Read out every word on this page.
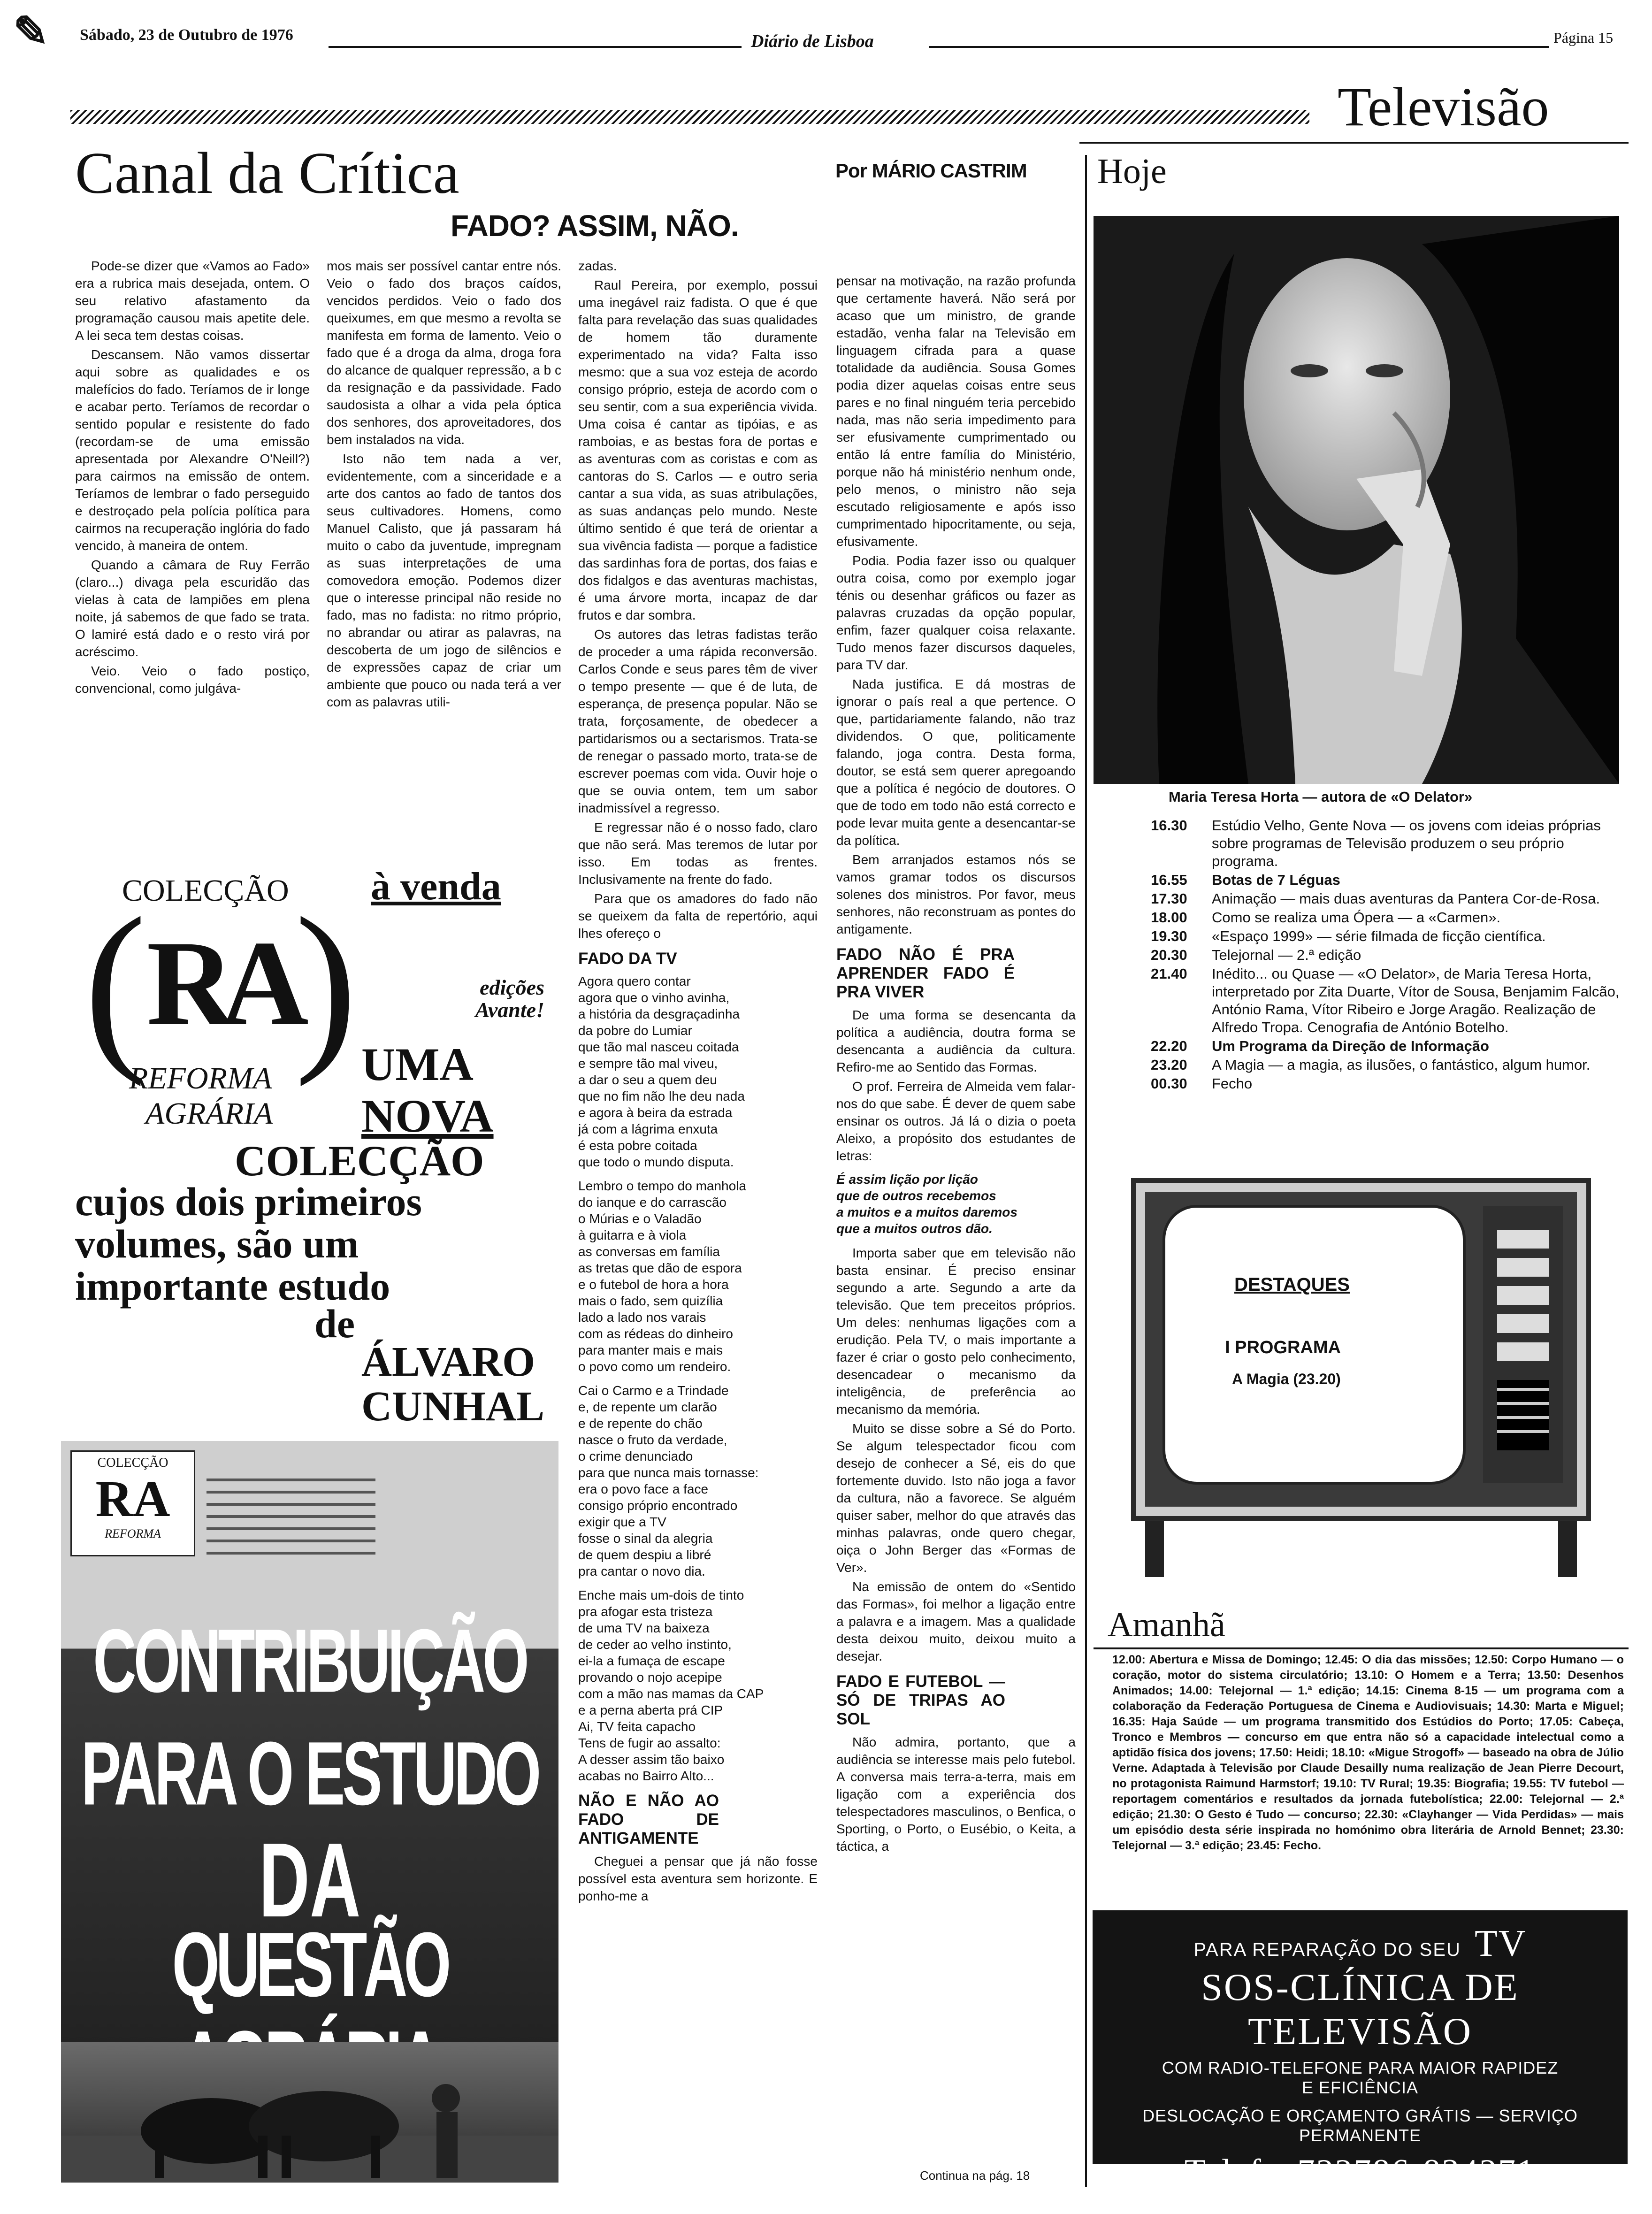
Sábado, 23 de Outubro de 1976	Diário de Lisboa	Página 15
✎
Televisão
Canal da Crítica	Por MÁRIO CASTRIM
FADO? ASSIM, NÃO.

Pode-se dizer que «Vamos ao Fado» era a rubrica mais desejada, ontem. O seu relativo afastamento da programação causou mais apetite dele. A lei seca tem destas coisas.

Descansem. Não vamos dissertar aqui sobre as qualidades e os malefícios do fado. Teríamos de ir longe e acabar perto. Teríamos de recordar o sentido popular e resistente do fado (recordam-se de uma emissão apresentada por Alexandre O'Neill?) para cairmos na emissão de ontem. Teríamos de lembrar o fado perseguido e destroçado pela polícia política para cairmos na recuperação inglória do fado vencido, à maneira de ontem.

Quando a câmara de Ruy Ferrão (claro...) divaga pela escuridão das vielas à cata de lampiões em plena noite, já sabemos de que fado se trata. O lamiré está dado e o resto virá por acréscimo.

Veio. Veio o fado postiço, convencional, como julgáva-

mos mais ser possível cantar entre nós. Veio o fado dos braços caídos, vencidos perdidos. Veio o fado dos queixumes, em que mesmo a revolta se manifesta em forma de lamento. Veio o fado que é a droga da alma, droga fora do alcance de qualquer repressão, a b c da resignação e da passividade. Fado saudosista a olhar a vida pela óptica dos senhores, dos aproveitadores, dos bem instalados na vida.

Isto não tem nada a ver, evidentemente, com a sinceridade e a arte dos cantos ao fado de tantos dos seus cultivadores. Homens, como Manuel Calisto, que já passaram há muito o cabo da juventude, impregnam as suas interpretações de uma comovedora emoção. Podemos dizer que o interesse principal não reside no fado, mas no fadista: no ritmo próprio, no abrandar ou atirar as palavras, na descoberta de um jogo de silêncios e de expressões capaz de criar um ambiente que pouco ou nada terá a ver com as palavras utili-

zadas.

Raul Pereira, por exemplo, possui uma inegável raiz fadista. O que é que falta para revelação das suas qualidades de homem tão duramente experimentado na vida? Falta isso mesmo: que a sua voz esteja de acordo consigo próprio, esteja de acordo com o seu sentir, com a sua experiência vivida. Uma coisa é cantar as tipóias, e as ramboias, e as bestas fora de portas e as aventuras com as coristas e com as cantoras do S. Carlos — e outro seria cantar a sua vida, as suas atribulações, as suas andanças pelo mundo. Neste último sentido é que terá de orientar a sua vivência fadista — porque a fadistice das sardinhas fora de portas, dos faias e dos fidalgos e das aventuras machistas, é uma árvore morta, incapaz de dar frutos e dar sombra.

Os autores das letras fadistas terão de proceder a uma rápida reconversão. Carlos Conde e seus pares têm de viver o tempo presente — que é de luta, de esperança, de presença popular. Não se trata, forçosamente, de obedecer a partidarismos ou a sectarismos. Trata-se de renegar o passado morto, trata-se de escrever poemas com vida. Ouvir hoje o que se ouvia ontem, tem um sabor inadmissível a regresso.

E regressar não é o nosso fado, claro que não será. Mas teremos de lutar por isso. Em todas as frentes. Inclusivamente na frente do fado.

Para que os amadores do fado não se queixem da falta de repertório, aqui lhes ofereço o

FADO DA TV
Agora quero contar
agora que o vinho avinha,
a história da desgraçadinha
da pobre do Lumiar
que tão mal nasceu coitada
e sempre tão mal viveu,
a dar o seu a quem deu
que no fim não lhe deu nada
e agora à beira da estrada
já com a lágrima enxuta
é esta pobre coitada
que todo o mundo disputa.
Lembro o tempo do manhola
do ianque e do carrascão
o Múrias e o Valadão
à guitarra e à viola
as conversas em família
as tretas que dão de espora
e o futebol de hora a hora
mais o fado, sem quizília
lado a lado nos varais
com as rédeas do dinheiro
para manter mais e mais
o povo como um rendeiro.
Cai o Carmo e a Trindade
e, de repente um clarão
e de repente do chão
nasce o fruto da verdade,
o crime denunciado
para que nunca mais tornasse:
era o povo face a face
consigo próprio encontrado
exigir que a TV
fosse o sinal da alegria
de quem despiu a libré
pra cantar o novo dia.
Enche mais um-dois de tinto
pra afogar esta tristeza
de uma TV na baixeza
de ceder ao velho instinto,
ei-la a fumaça de escape
provando o nojo acepipe
com a mão nas mamas da CAP
e a perna aberta prá CIP
Ai, TV feita capacho
Tens de fugir ao assalto:
A desser assim tão baixo
acabas no Bairro Alto...
NÃO E NÃO AO FADO DE ANTIGAMENTE

Cheguei a pensar que já não fosse possível esta aventura sem horizonte. E ponho-me a

pensar na motivação, na razão profunda que certamente haverá. Não será por acaso que um ministro, de grande estadão, venha falar na Televisão em linguagem cifrada para a quase totalidade da audiência. Sousa Gomes podia dizer aquelas coisas entre seus pares e no final ninguém teria percebido nada, mas não seria impedimento para ser efusivamente cumprimentado ou então lá entre família do Ministério, porque não há ministério nenhum onde, pelo menos, o ministro não seja escutado religiosamente e após isso cumprimentado hipocritamente, ou seja, efusivamente.

Podia. Podia fazer isso ou qualquer outra coisa, como por exemplo jogar ténis ou desenhar gráficos ou fazer as palavras cruzadas da opção popular, enfim, fazer qualquer coisa relaxante. Tudo menos fazer discursos daqueles, para TV dar.

Nada justifica. E dá mostras de ignorar o país real a que pertence. O que, partidariamente falando, não traz dividendos. O que, politicamente falando, joga contra. Desta forma, doutor, se está sem querer apregoando que a política é negócio de doutores. O que de todo em todo não está correcto e pode levar muita gente a desencantar-se da política.

Bem arranjados estamos nós se vamos gramar todos os discursos solenes dos ministros. Por favor, meus senhores, não reconstruam as pontes do antigamente.

FADO NÃO É PRA APRENDER FADO É PRA VIVER

De uma forma se desencanta da política a audiência, doutra forma se desencanta a audiência da cultura. Refiro-me ao Sentido das Formas.

O prof. Ferreira de Almeida vem falar-nos do que sabe. É dever de quem sabe ensinar os outros. Já lá o dizia o poeta Aleixo, a propósito dos estudantes de letras:

É assim lição por lição
que de outros recebemos
a muitos e a muitos daremos
que a muitos outros dão.

Importa saber que em televisão não basta ensinar. É preciso ensinar segundo a arte. Segundo a arte da televisão. Que tem preceitos próprios. Um deles: nenhumas ligações com a erudição. Pela TV, o mais importante a fazer é criar o gosto pelo conhecimento, desencadear o mecanismo da inteligência, de preferência ao mecanismo da memória.

Muito se disse sobre a Sé do Porto. Se algum telespectador ficou com desejo de conhecer a Sé, eis do que fortemente duvido. Isto não joga a favor da cultura, não a favorece. Se alguém quiser saber, melhor do que através das minhas palavras, onde quero chegar, oiça o John Berger das «Formas de Ver».

Na emissão de ontem do «Sentido das Formas», foi melhor a ligação entre a palavra e a imagem. Mas a qualidade desta deixou muito, deixou muito a desejar.

FADO E FUTEBOL — SÓ DE TRIPAS AO SOL

Não admira, portanto, que a audiência se interesse mais pelo futebol. A conversa mais terra-a-terra, mais em ligação com a experiência dos telespectadores masculinos, o Benfica, o Sporting, o Porto, o Eusébio, o Keita, a táctica, a

Continua na pág. 18
COLECÇÃO
( RA )
REFORMA
AGRÁRIA
à venda
edições Avante!
UMA
NOVA
COLECÇÃO
cujos dois primeiros
volumes, são um
importante estudo
de
ÁLVARO
CUNHAL
COLECÇÃO
RA
REFORMA
CONTRIBUIÇÃO
PARA O ESTUDO
DA
QUESTÃO
Hoje
Maria Teresa Horta — autora de «O Delator»
16.30	Estúdio Velho, Gente Nova — os jovens com ideias próprias sobre programas de Televisão produzem o seu próprio programa.
16.55	Botas de 7 Léguas
17.30	Animação — mais duas aventuras da Pantera Cor-de-Rosa.
18.00	Como se realiza uma Ópera — a «Carmen».
19.30	«Espaço 1999» — série filmada de ficção científica.
20.30	Telejornal — 2.ª edição
21.40	Inédito... ou Quase — «O Delator», de Maria Teresa Horta, interpretado por Zita Duarte, Vítor de Sousa, Benjamim Falcão, António Rama, Vítor Ribeiro e Jorge Aragão. Realização de Alfredo Tropa. Cenografia de António Botelho.
22.20	Um Programa da Direção de Informação
23.20	A Magia — a magia, as ilusões, o fantástico, algum humor.
00.30	Fecho
DESTAQUES
I PROGRAMA
A Magia (23.20)
Amanhã
12.00: Abertura e Missa de Domingo; 12.45: O dia das missões; 12.50: Corpo Humano — o coração, motor do sistema circulatório; 13.10: O Homem e a Terra; 13.50: Desenhos Animados; 14.00: Telejornal — 1.ª edição; 14.15: Cinema 8-15 — um programa com a colaboração da Federação Portuguesa de Cinema e Audiovisuais; 14.30: Marta e Miguel; 16.35: Haja Saúde — um programa transmitido dos Estúdios do Porto; 17.05: Cabeça, Tronco e Membros — concurso em que entra não só a capacidade intelectual como a aptidão física dos jovens; 17.50: Heidi; 18.10: «Migue Strogoff» — baseado na obra de Júlio Verne. Adaptada à Televisão por Claude Desailly numa realização de Jean Pierre Decourt, no protagonista Raimund Harmstorf; 19.10: TV Rural; 19.35: Biografia; 19.55: TV futebol — reportagem comentários e resultados da jornada futebolística; 22.00: Telejornal — 2.ª edição; 21.30: O Gesto é Tudo — concurso; 22.30: «Clayhanger — Vida Perdidas» — mais um episódio desta série inspirada no homónimo obra literária de Arnold Bennet; 23.30: Telejornal — 3.ª edição; 23.45: Fecho.
PARA REPARAÇÃO DO SEU TV
SOS-CLÍNICA DE TELEVISÃO
COM RADIO-TELEFONE PARA MAIOR RAPIDEZ
E EFICIÊNCIA
DESLOCAÇÃO E ORÇAMENTO GRÁTIS — SERVIÇO
PERMANENTE
Telefs. 722786-834271
Avenida S. João de Deus, 13-B - Rua Macau, 8
